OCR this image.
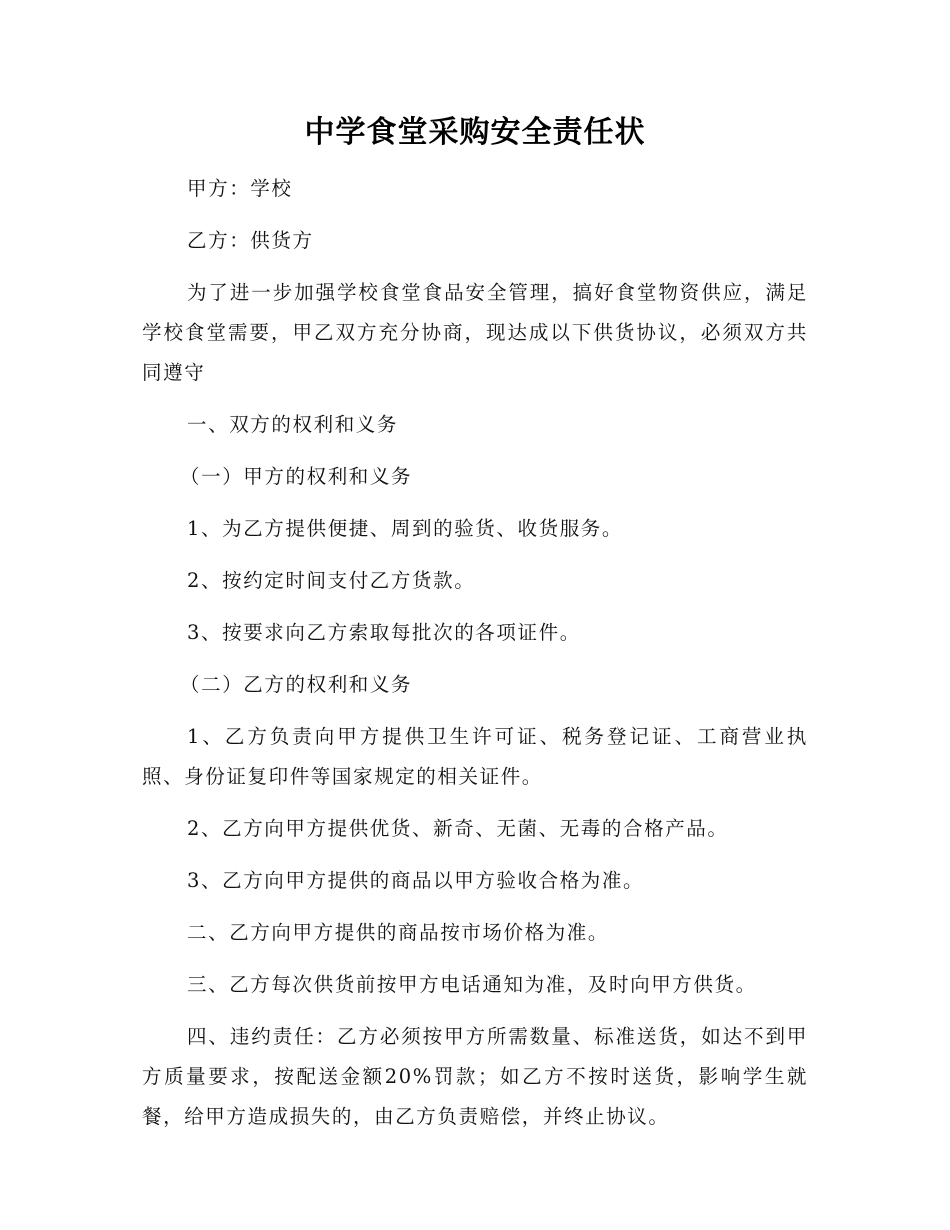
中学食堂采购安全责任状

甲方：学校

乙方：供货方

为了进一步加强学校食堂食品安全管理，搞好食堂物资供应，满足学校食堂需要，甲乙双方充分协商，现达成以下供货协议，必须双方共同遵守

一、双方的权利和义务

（一）甲方的权利和义务

1、为乙方提供便捷、周到的验货、收货服务。

2、按约定时间支付乙方货款。

3、按要求向乙方索取每批次的各项证件。

（二）乙方的权利和义务

1、乙方负责向甲方提供卫生许可证、税务登记证、工商营业执照、身份证复印件等国家规定的相关证件。

2、乙方向甲方提供优货、新奇、无菌、无毒的合格产品。

3、乙方向甲方提供的商品以甲方验收合格为准。

二、乙方向甲方提供的商品按市场价格为准。

三、乙方每次供货前按甲方电话通知为准，及时向甲方供货。

四、违约责任：乙方必须按甲方所需数量、标准送货，如达不到甲方质量要求，按配送金额20%罚款；如乙方不按时送货，影响学生就餐，给甲方造成损失的，由乙方负责赔偿，并终止协议。
